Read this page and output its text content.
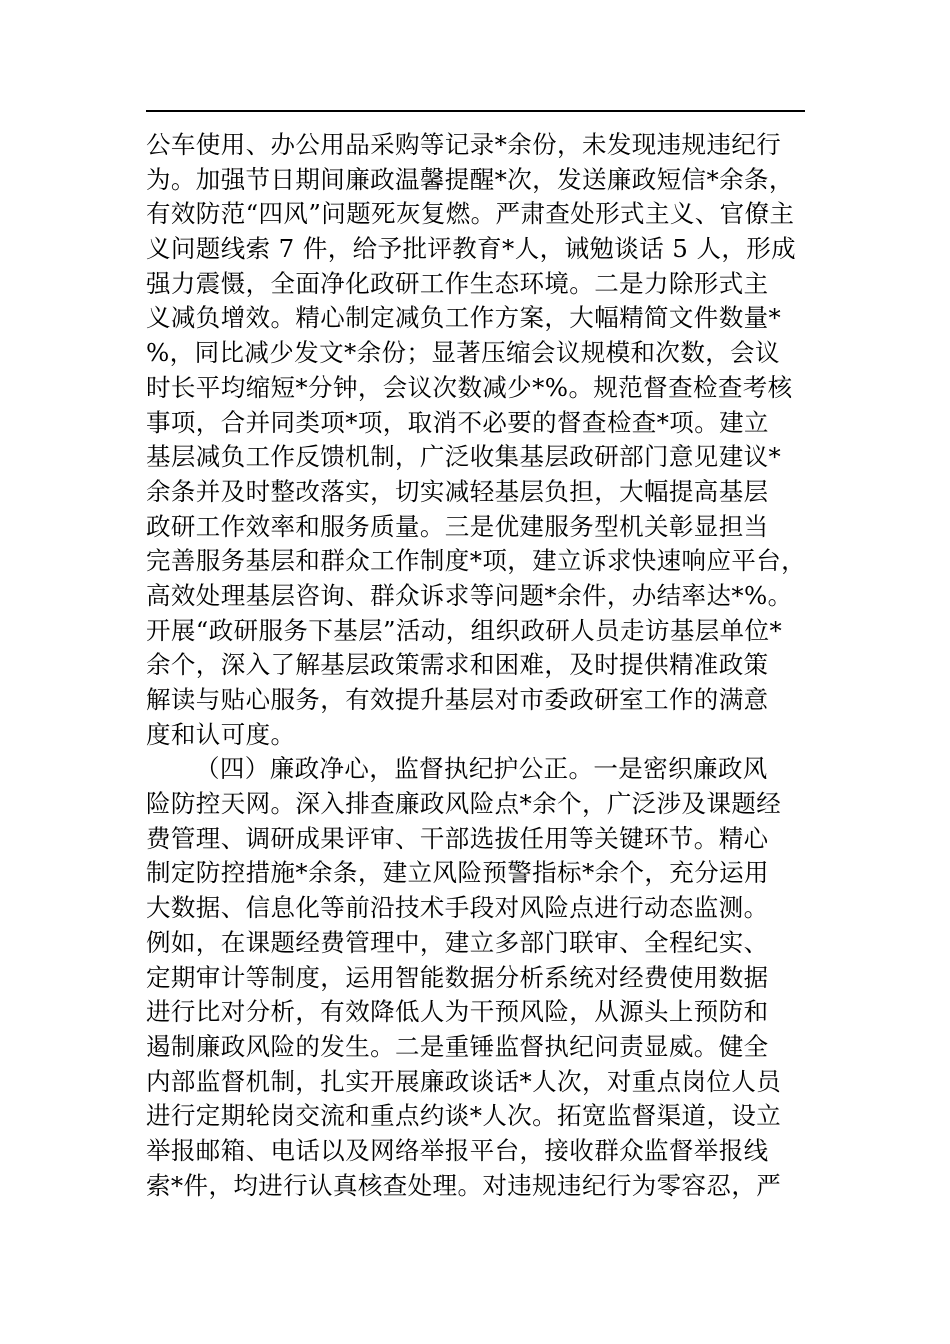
公车使用、办公用品采购等记录*余份，未发现违规违纪行
为。加强节日期间廉政温馨提醒*次，发送廉政短信*余条，
有效防范“四风”问题死灰复燃。严肃查处形式主义、官僚主
义问题线索 7 件，给予批评教育*人，诫勉谈话 5 人，形成
强力震慑，全面净化政研工作生态环境。二是力除形式主
义减负增效。精心制定减负工作方案，大幅精简文件数量*
%，同比减少发文*余份；显著压缩会议规模和次数，会议
时长平均缩短*分钟，会议次数减少*%。规范督查检查考核
事项，合并同类项*项，取消不必要的督查检查*项。建立
基层减负工作反馈机制，广泛收集基层政研部门意见建议*
余条并及时整改落实，切实减轻基层负担，大幅提高基层
政研工作效率和服务质量。三是优建服务型机关彰显担当
完善服务基层和群众工作制度*项，建立诉求快速响应平台，
高效处理基层咨询、群众诉求等问题*余件，办结率达*%。
开展“政研服务下基层”活动，组织政研人员走访基层单位*
余个，深入了解基层政策需求和困难，及时提供精准政策
解读与贴心服务，有效提升基层对市委政研室工作的满意
度和认可度。
（四）廉政净心，监督执纪护公正。一是密织廉政风
险防控天网。深入排查廉政风险点*余个，广泛涉及课题经
费管理、调研成果评审、干部选拔任用等关键环节。精心
制定防控措施*余条，建立风险预警指标*余个，充分运用
大数据、信息化等前沿技术手段对风险点进行动态监测。
例如，在课题经费管理中，建立多部门联审、全程纪实、
定期审计等制度，运用智能数据分析系统对经费使用数据
进行比对分析，有效降低人为干预风险，从源头上预防和
遏制廉政风险的发生。二是重锤监督执纪问责显威。健全
内部监督机制，扎实开展廉政谈话*人次，对重点岗位人员
进行定期轮岗交流和重点约谈*人次。拓宽监督渠道，设立
举报邮箱、电话以及网络举报平台，接收群众监督举报线
索*件，均进行认真核查处理。对违规违纪行为零容忍，严
